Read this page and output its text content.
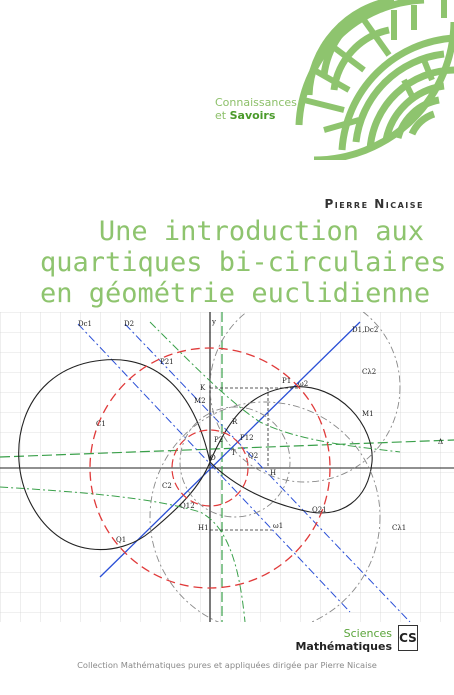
Connaissances
et Savoirs
Pierre Nicaise
Une introduction aux
quartiques bi-circulaires
en géométrie euclidienne
y
Dc1	D2
P21
D1,Dc2
P1 ω2
K
M2
Cλ2
C1
M1
R
P2 P12
O
T Q2
Δ
H
C2
Q12	Q21
H1	ω1	Cλ1
Q1
Sciences
Mathématiques
CS
Collection Mathématiques pures et appliquées dirigée par Pierre Nicaise
